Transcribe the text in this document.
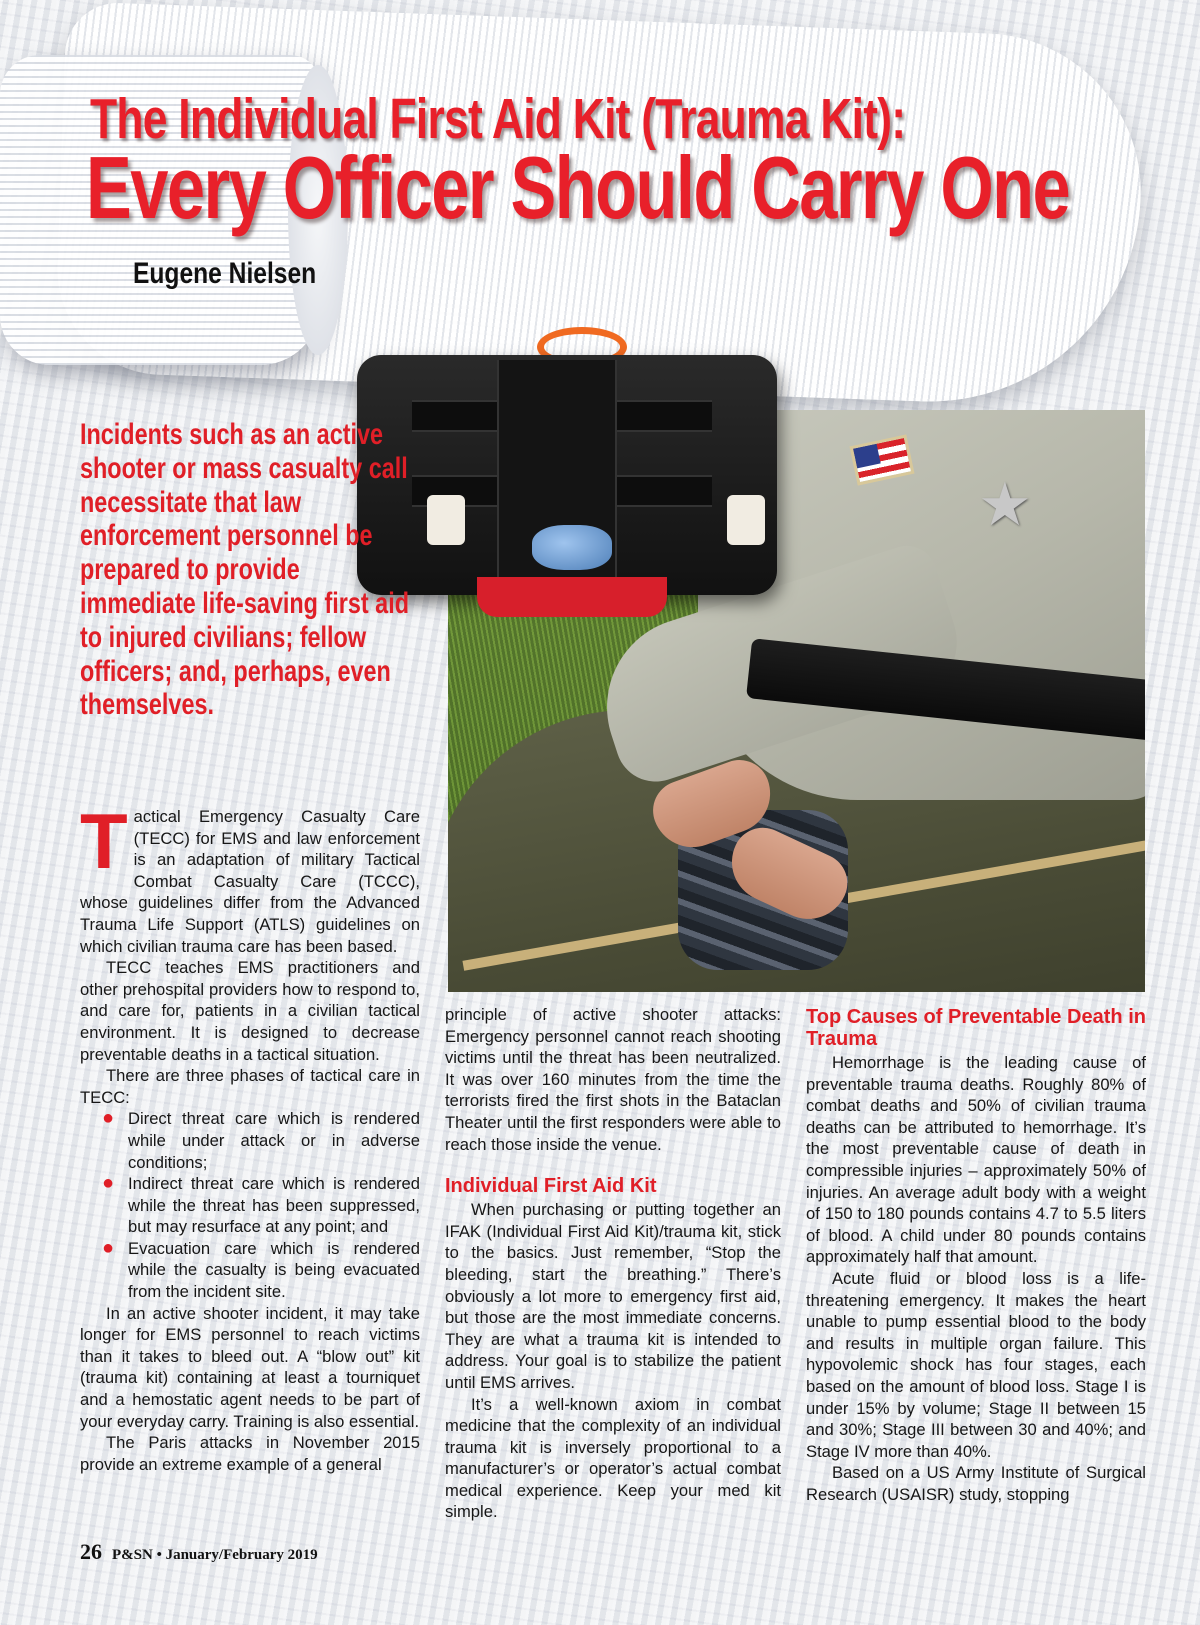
The Individual First Aid Kit (Trauma Kit):
Every Officer Should Carry One
Eugene Nielsen
★
Incidents such as an active shooter or mass casualty call necessitate that law enforcement personnel be prepared to provide immediate life-saving first aid to injured civilians; fellow officers; and, perhaps, even themselves.

Tactical Emergency Casualty Care (TECC) for EMS and law enforcement is an adaptation of military Tactical Combat Casualty Care (TCCC), whose guidelines differ from the Advanced Trauma Life Support (ATLS) guidelines on which civilian trauma care has been based.

TECC teaches EMS practitioners and other prehospital providers how to respond to, and care for, patients in a civilian tactical environment. It is designed to decrease preventable deaths in a tactical situation.

There are three phases of tactical care in TECC:

● Direct threat care which is rendered while under attack or in adverse conditions;
● Indirect threat care which is rendered while the threat has been suppressed, but may resurface at any point; and
● Evacuation care which is rendered while the casualty is being evacuated from the incident site.

In an active shooter incident, it may take longer for EMS personnel to reach victims than it takes to bleed out. A “blow out” kit (trauma kit) containing at least a tourniquet and a hemostatic agent needs to be part of your everyday carry. Training is also essential.

The Paris attacks in November 2015 provide an extreme example of a general

principle of active shooter attacks: Emergency personnel cannot reach shooting victims until the threat has been neutralized. It was over 160 minutes from the time the terrorists fired the first shots in the Bataclan Theater until the first responders were able to reach those inside the venue.

Individual First Aid Kit

When purchasing or putting together an IFAK (Individual First Aid Kit)/trauma kit, stick to the basics. Just remember, “Stop the bleeding, start the breathing.” There’s obviously a lot more to emergency first aid, but those are the most immediate concerns. They are what a trauma kit is intended to address. Your goal is to stabilize the patient until EMS arrives.

It’s a well-known axiom in combat medicine that the complexity of an individual trauma kit is inversely proportional to a manufacturer’s or operator’s actual combat medical experience. Keep your med kit simple.

Top Causes of Preventable Death in Trauma

Hemorrhage is the leading cause of preventable trauma deaths. Roughly 80% of combat deaths and 50% of civilian trauma deaths can be attributed to hemorrhage. It’s the most preventable cause of death in compressible injuries – approximately 50% of injuries. An average adult body with a weight of 150 to 180 pounds contains 4.7 to 5.5 liters of blood. A child under 80 pounds contains approximately half that amount.

Acute fluid or blood loss is a life-threatening emergency. It makes the heart unable to pump essential blood to the body and results in multiple organ failure. This hypovolemic shock has four stages, each based on the amount of blood loss. Stage I is under 15% by volume; Stage II between 15 and 30%; Stage III between 30 and 40%; and Stage IV more than 40%.

Based on a US Army Institute of Surgical Research (USAISR) study, stopping

26 P&SN • January/February 2019
